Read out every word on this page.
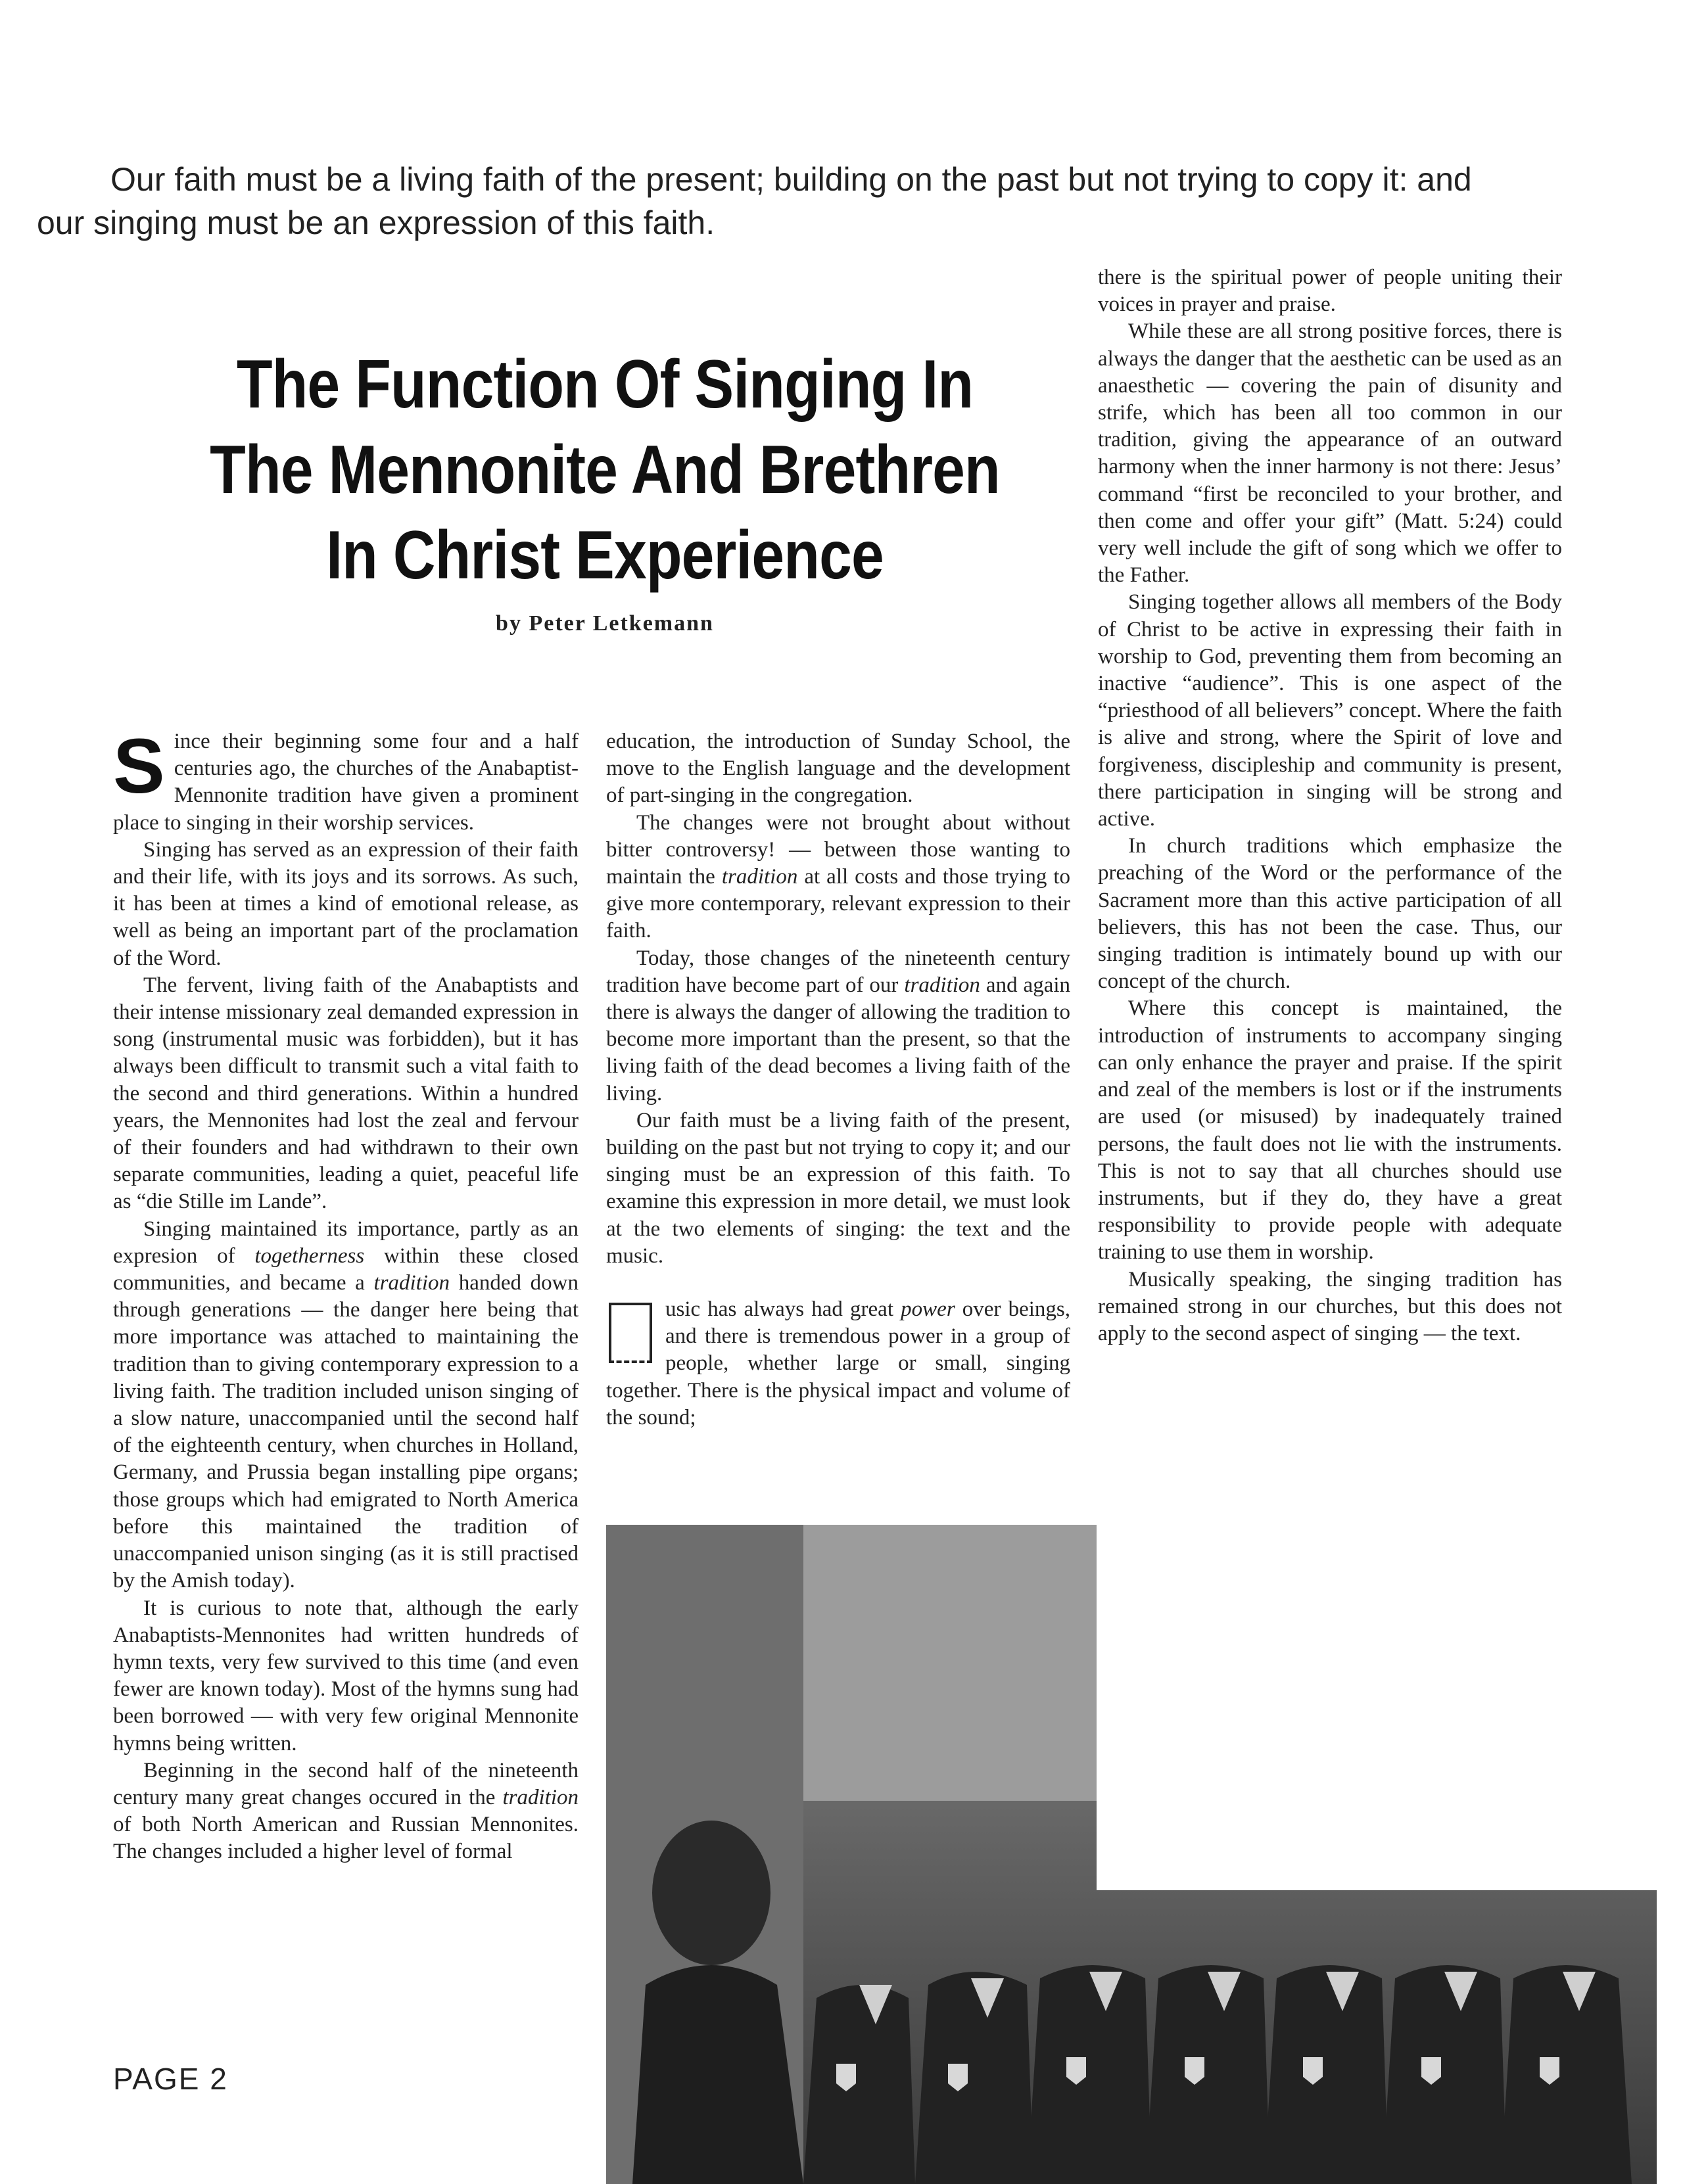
Our faith must be a living faith of the present; building on the past but not trying to copy it: and our singing must be an expression of this faith.
The Function Of Singing In
The Mennonite And Brethren
In Christ Experience
by Peter Letkemann

Since their beginning some four and a half centuries ago, the churches of the Anabaptist-Mennonite tradition have given a prominent place to singing in their worship services.

Singing has served as an expression of their faith and their life, with its joys and its sorrows. As such, it has been at times a kind of emotional release, as well as being an important part of the proclamation of the Word.

The fervent, living faith of the Anabaptists and their intense missionary zeal demanded expression in song (instrumental music was forbidden), but it has always been difficult to transmit such a vital faith to the second and third generations. Within a hundred years, the Mennonites had lost the zeal and fervour of their founders and had withdrawn to their own separate communities, leading a quiet, peaceful life as “die Stille im Lande”.

Singing maintained its importance, partly as an expresion of togetherness within these closed communities, and became a tradition handed down through generations — the danger here being that more importance was attached to maintaining the tradition than to giving contemporary expression to a living faith. The tradition included unison singing of a slow nature, unaccompanied until the second half of the eighteenth century, when churches in Holland, Germany, and Prussia began installing pipe organs; those groups which had emigrated to North America before this maintained the tradition of unaccompanied unison singing (as it is still practised by the Amish today).

It is curious to note that, although the early Anabaptists-Mennonites had written hundreds of hymn texts, very few survived to this time (and even fewer are known today). Most of the hymns sung had been borrowed — with very few original Mennonite hymns being written.

Beginning in the second half of the nineteenth century many great changes occured in the tradition of both North American and Russian Mennonites. The changes included a higher level of formal

education, the introduction of Sunday School, the move to the English language and the development of part-singing in the congregation.

The changes were not brought about without bitter controversy! — between those wanting to maintain the tradition at all costs and those trying to give more contemporary, relevant expression to their faith.

Today, those changes of the nineteenth century tradition have become part of our tradition and again there is always the danger of allowing the tradition to become more important than the present, so that the living faith of the dead becomes a living faith of the living.

Our faith must be a living faith of the present, building on the past but not trying to copy it; and our singing must be an expression of this faith. To examine this expression in more detail, we must look at the two elements of singing: the text and the music.

usic has always had great power over beings, and there is tremendous power in a group of people, whether large or small, singing together. There is the physical impact and volume of the sound;

there is the spiritual power of people uniting their voices in prayer and praise.

While these are all strong positive forces, there is always the danger that the aesthetic can be used as an anaesthetic — covering the pain of disunity and strife, which has been all too common in our tradition, giving the appearance of an outward harmony when the inner harmony is not there: Jesus’ command “first be reconciled to your brother, and then come and offer your gift” (Matt. 5:24) could very well include the gift of song which we offer to the Father.

Singing together allows all members of the Body of Christ to be active in expressing their faith in worship to God, preventing them from becoming an inactive “audience”. This is one aspect of the “priesthood of all believers” concept. Where the faith is alive and strong, where the Spirit of love and forgiveness, discipleship and community is present, there participation in singing will be strong and active.

In church traditions which emphasize the preaching of the Word or the performance of the Sacrament more than this active participation of all believers, this has not been the case. Thus, our singing tradition is intimately bound up with our concept of the church.

Where this concept is maintained, the introduction of instruments to accompany singing can only enhance the prayer and praise. If the spirit and zeal of the members is lost or if the instruments are used (or misused) by inadequately trained persons, the fault does not lie with the instruments. This is not to say that all churches should use instruments, but if they do, they have a great responsibility to provide people with adequate training to use them in worship.

Musically speaking, the singing tradition has remained strong in our churches, but this does not apply to the second aspect of singing — the text.

PAGE 2
